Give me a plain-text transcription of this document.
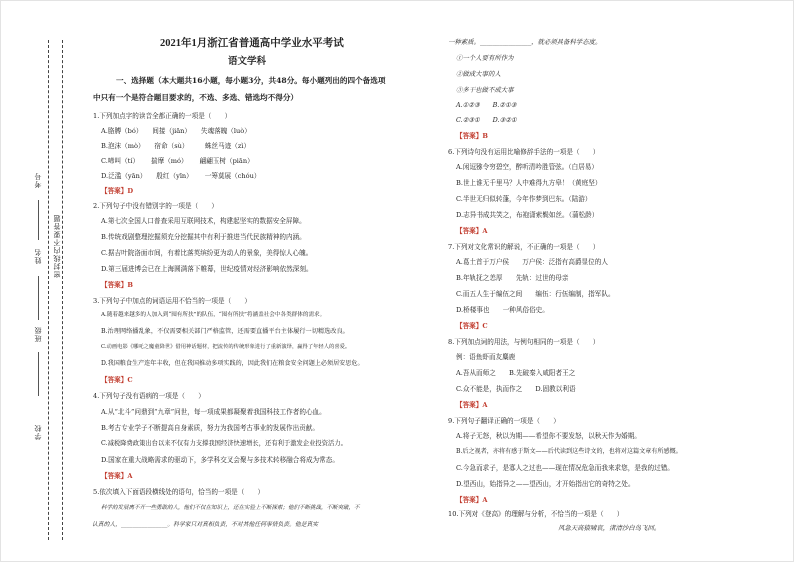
考号
姓名
班级
学校
密封线内不要答题
2021年1月浙江省普通高中学业水平考试
语文学科
一、选择题（本大题共16小题，每小题3分，共48分。每小题列出的四个备选项
中只有一个是符合题目要求的，不选、多选、错选均不得分）
1.下列加点字的读音全都正确的一项是（　　）
A.胳膊（bó）　　间接（jiān）　　失魂落魄（luò）
B.泡沫（mò）　　宿命（sù）　　　蛛丝马迹（zì）
C.啼叫（tí）　　 揣摩（mó）　　 翩翩玉树（piān）
D.泛滥（yān）　　殷红（yīn）　　 一筹莫展（chóu）
【答案】D
2.下列句子中没有错别字的一项是（　　）
A.第七次全国人口普查采用互联网技术，构建起坚实的数据安全屏障。
B.传统戏剧整理挖掘须充分挖掘其中有利于推进当代民族精神的内涵。
C.据吉叶院洛面市间，有着比落英缤纷更为动人的景象，美得惊人心魄。
D.第三届进博会已在上海圆满落下帷幕，世纪疫情对经济影响依然深刻。
【答案】B
3.下列句子中加点的词语运用不恰当的一项是（　　）
A.随着越来越多的人加入到“囤有所扶”的队伍，“囤有所扶”将涵盖社会中各类群体的需求。
B.治理网络播乱象，不仅需要相关部门严格监管，还需要直播平台主体履行一切精选改良。
C.动画电影《哪吒之魔童降世》借用神话题材，把流传的传统形象进行了重新演绎，赢得了年轻人的喜爱。
D.我国粮食生产连年丰收，但在我国推动多项实践的，因此我们在粮食安全问题上必须居安思危。
【答案】C
4.下列句子没有语病的一项是（　　）
A.从“北斗”问鼎到“九章”问世，每一项成果都凝聚着我国科技工作者的心血。
B.考古专业学子不断提高自身素质，努力为我国考古事业的发展作出贡献。
C.减税降费政策出台以来不仅有力支撑我国经济快速增长，还有利于激发企业投资活力。
D.国家在重大战略需求的驱动下，多学科交叉会聚与多技术转移融合将成为常态。
【答案】A
5.依次填入下面语段横线处的语句，恰当的一项是（　　）
科学的发展离不开一些勇敢的人，他们不仅在知识上，还在实验上不断探索；他们不断挑战，不断突破，不
认真的人，________________。科学家只对真相负责，不对其他任何事情负责。他是真实
一种素质。________________，就必须具备科学态度。
①一个人要有所作为
②做成大事的人
③多干也做不成大事
A.①②③　　B.②①③
C.②③①　　D.③②①
【答案】B
6.下列诗句没有运用比喻修辞手法的一项是（　　）
A.闲逗猕令穷碧空，醉听清吟胜管弦。（白居易）
B.世上谁无千里马？人中难得九方皋！（黄庭坚）
C.半世无归似转蓬，今年作梦到巴东。（陆游）
D.志异书成共笑之，布袍潇索鬓如丝。（蒲松龄）
【答案】A
7.下列对文化常识的解说，不正确的一项是（　　）
A.葛土首于万户侯　　万户侯：泛指有高爵显位的人
B.年轨抚之恙厚　　先轨：过世的母亲
C.而五人生于编伍之间　　编伍：行伍编制，指军队。
D.桥楼事也　　一种风俗俗史。
【答案】C
8.下列加点词的用法，与例句相同的一项是（　　）
例：语鱼虾而友麋鹿
A.吾从而师之　　B.先破秦入咸阳者王之
C.众不能是，执而作之　　D.固教以利语
【答案】A
9.下列句子翻译正确的一项是（　　）
A.将子无怒，秋以为期——希望你不要发怒，以秋天作为婚期。
B.后之视者，亦将有感于斯文——后代读到这些诗文的，也将对这篇文章有所感慨。
C.今急而求子，是寡人之过也——现在情况危急而我来求您，是我的过错。
D.望西山，始指异之——望西山，才开始指出它的奇特之处。
【答案】A
10.下列对《登高》的理解与分析，不恰当的一项是（　　）
风急天高猿啸哀，渚清沙白鸟飞回。
